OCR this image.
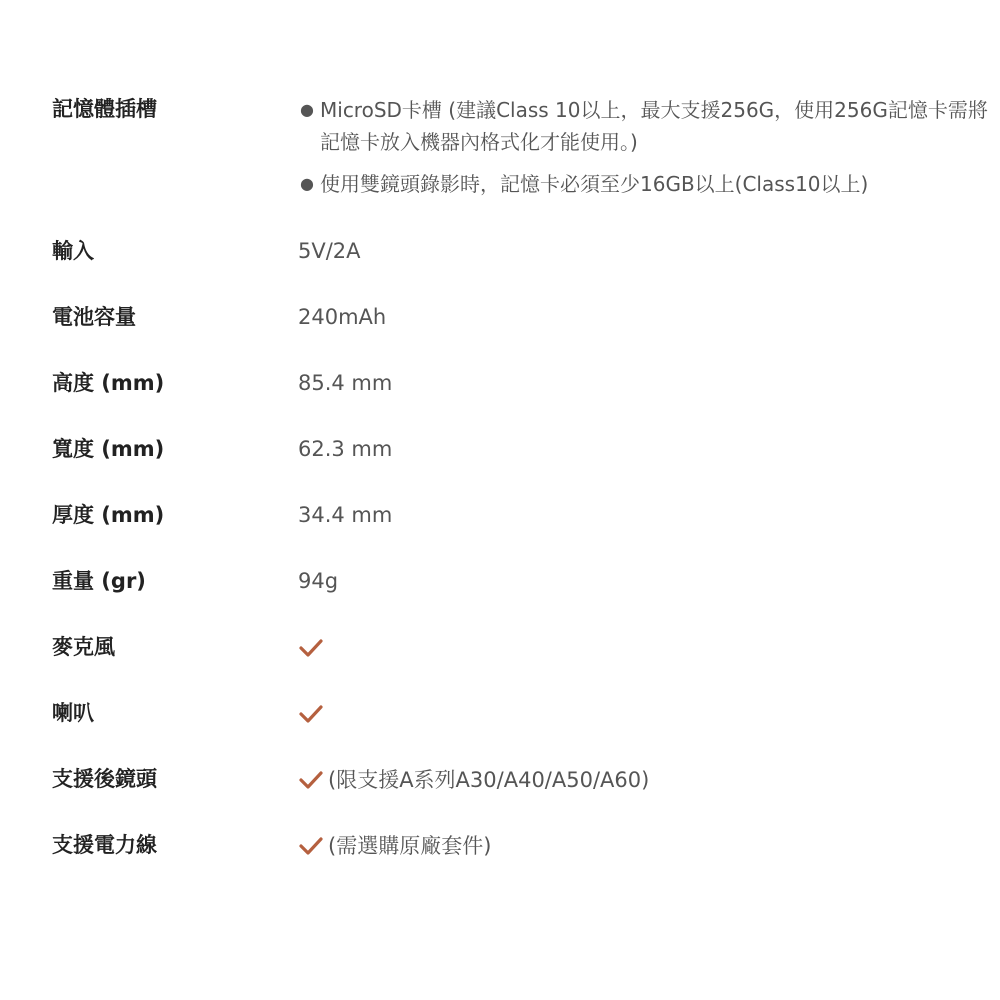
記憶體插槽	● MicroSD卡槽 (建議Class 10以上，最大支援256G，使用256G記憶卡需將記憶卡放入機器內格式化才能使用。)
● 使用雙鏡頭錄影時，記憶卡必須至少16GB以上(Class10以上)
輸入	5V/2A
電池容量	240mAh
高度 (mm)	85.4 mm
寬度 (mm)	62.3 mm
厚度 (mm)	34.4 mm
重量 (gr)	94g
麥克風
喇叭
支援後鏡頭	(限支援A系列A30/A40/A50/A60)
支援電力線	(需選購原廠套件)
